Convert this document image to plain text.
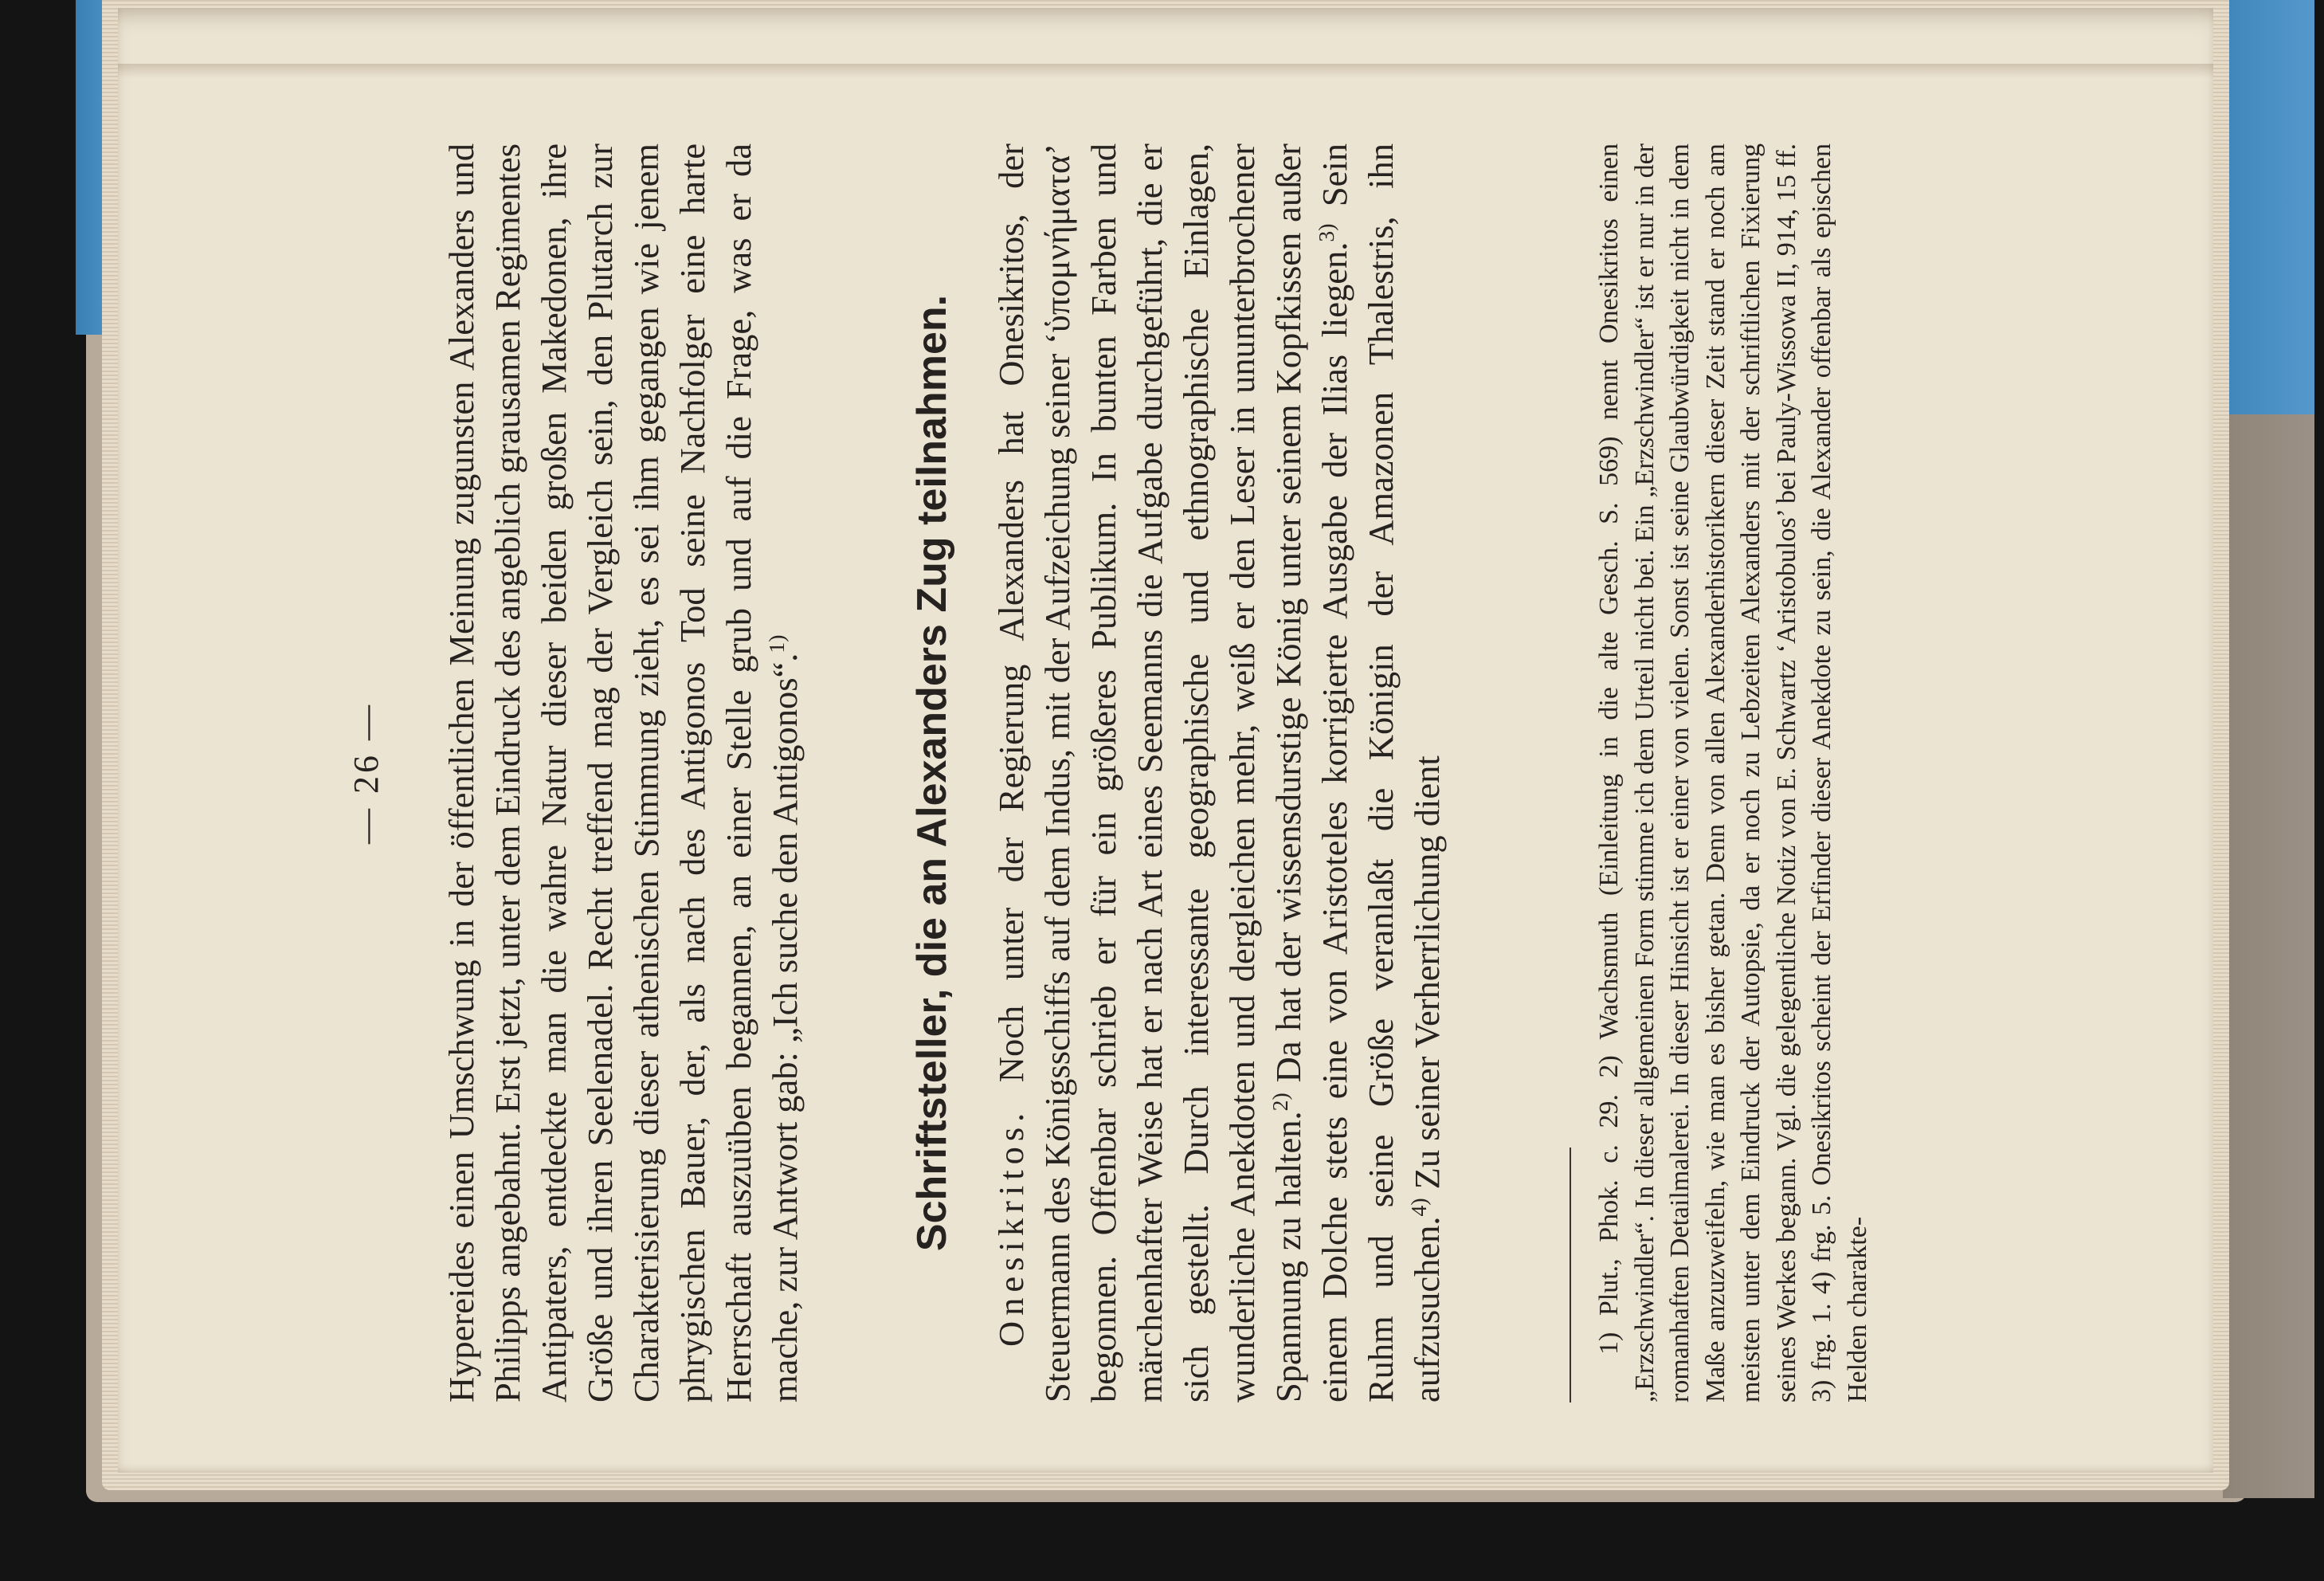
— 26 — Hypereides einen Umschwung in der öffentlichen Meinung zugunsten Alexanders und Philipps angebahnt. Erst jetzt, unter dem Eindruck des angeblich grausamen Regimentes Antipaters, entdeckte man die wahre Natur dieser beiden großen Makedonen, ihre Größe und ihren Seelenadel. Recht treffend mag der Vergleich sein, den Plutarch zur Charakterisierung dieser athenischen Stimmung zieht, es sei ihm gegangen wie jenem phrygischen Bauer, der, als nach des Antigonos Tod seine Nachfolger eine harte Herrschaft auszuüben begannen, an einer Stelle grub und auf die Frage, was er da mache, zur Antwort gab: „Ich suche den Antigonos“.$^{1)}$	Schriftsteller, die an Alexanders Zug teilnahmen. Onesikritos. Noch unter der Regierung Alexanders hat Onesikritos, der Steuermann des Königsschiffs auf dem Indus, mit der Aufzeichung seiner ‘ὑπομνήματα’ begonnen. Offenbar schrieb er für ein größeres Publikum. In bunten Farben und märchenhafter Weise hat er nach Art eines Seemanns die Aufgabe durchgeführt, die er sich gestellt. Durch interessante geographische und ethnographische Einlagen, wunderliche Anekdoten und dergleichen mehr, weiß er den Leser in ununterbrochener Spannung zu halten.$^{2)}$ Da hat der wissensdurstige König unter seinem Kopfkissen außer einem Dolche stets eine von Aristoteles korrigierte Ausgabe der Ilias liegen.$^{3)}$ Sein Ruhm und seine Größe veranlaßt die Königin der Amazonen Thalestris, ihn aufzusuchen.$^{4)}$ Zu seiner Verherrlichung dient	1) Plut., Phok. c. 29. 2) Wachsmuth (Einleitung in die alte Gesch. S. 569) nennt Onesikritos einen „Erzschwindler“. In dieser allgemeinen Form stimme ich dem Urteil nicht bei. Ein „Erzschwindler“ ist er nur in der romanhaften Detailmalerei. In dieser Hinsicht ist er einer von vielen. Sonst ist seine Glaubwürdigkeit nicht in dem Maße anzuzweifeln, wie man es bisher getan. Denn von allen Alexanderhistorikern dieser Zeit stand er noch am meisten unter dem Eindruck der Autopsie, da er noch zu Lebzeiten Alexanders mit der schriftlichen Fixierung seines Werkes begann. Vgl. die gelegentliche Notiz von E. Schwartz ‘Aristobulos’ bei Pauly-Wissowa II, 914, 15 ff. 3) frg. 1. 4) frg. 5. Onesikritos scheint der Erfinder dieser Anekdote zu sein, die Alexander offenbar als epischen Helden charakte-
